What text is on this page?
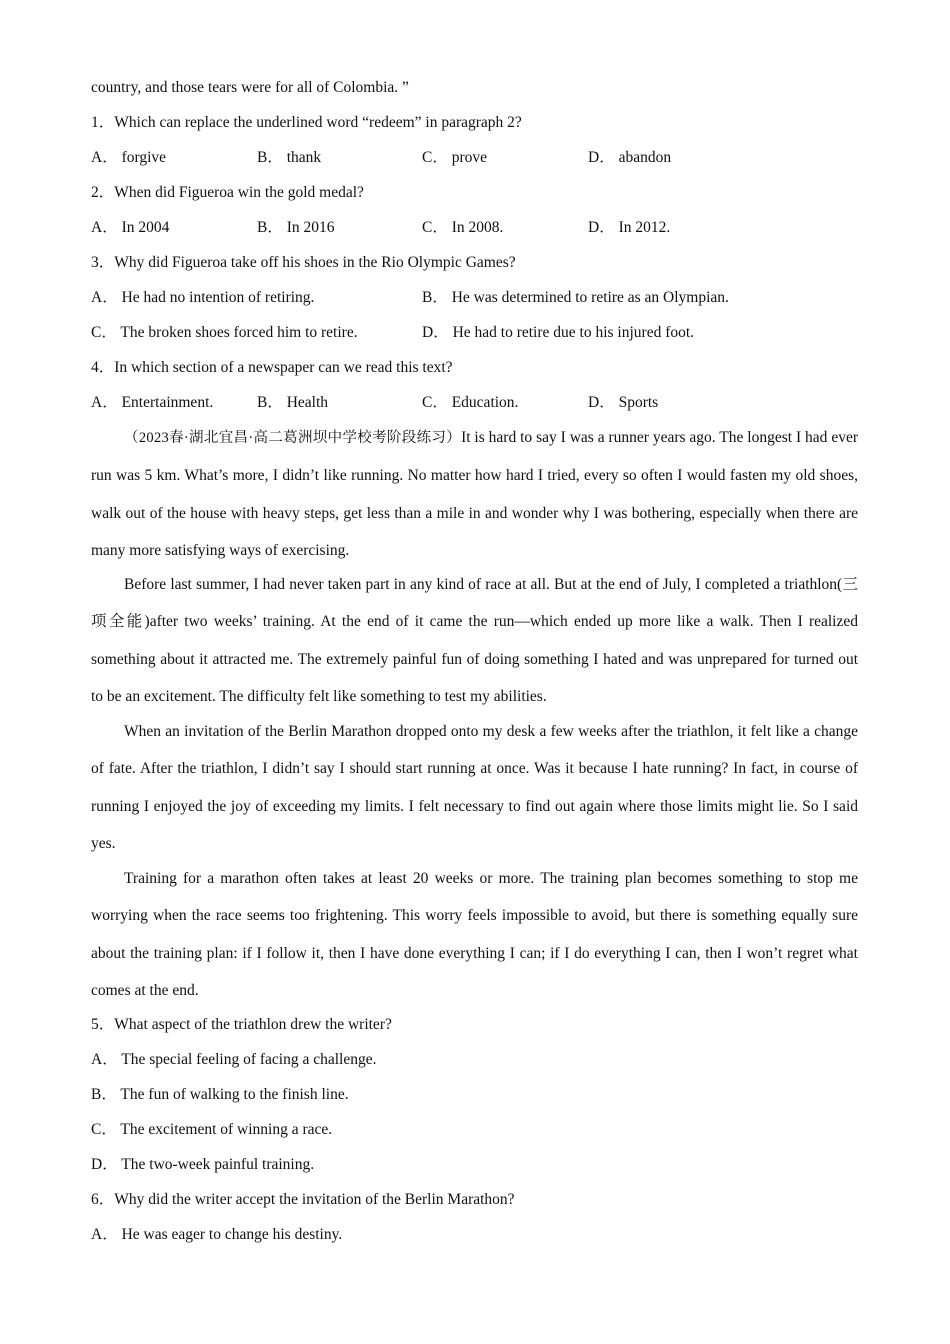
country, and those tears were for all of Colombia. ”
1．Which can replace the underlined word “redeem” in paragraph 2?
A． forgive	B． thank	C． prove	D． abandon
2．When did Figueroa win the gold medal?
A． In 2004	B． In 2016	C． In 2008.	D． In 2012.
3．Why did Figueroa take off his shoes in the Rio Olympic Games?
A． He had no intention of retiring.	B． He was determined to retire as an Olympian.
C． The broken shoes forced him to retire.	D． He had to retire due to his injured foot.
4．In which section of a newspaper can we read this text?
A． Entertainment.	B． Health	C． Education.	D． Sports
（2023春·湖北宜昌·高二葛洲坝中学校考阶段练习）It is hard to say I was a runner years ago. The longest I had ever run was 5 km. What’s more, I didn’t like running. No matter how hard I tried, every so often I would fasten my old shoes, walk out of the house with heavy steps, get less than a mile in and wonder why I was bothering, especially when there are many more satisfying ways of exercising.
Before last summer, I had never taken part in any kind of race at all. But at the end of July, I completed a triathlon(三项全能)after two weeks’ training. At the end of it came the run—which ended up more like a walk. Then I realized something about it attracted me. The extremely painful fun of doing something I hated and was unprepared for turned out to be an excitement. The difficulty felt like something to test my abilities.
When an invitation of the Berlin Marathon dropped onto my desk a few weeks after the triathlon, it felt like a change of fate. After the triathlon, I didn’t say I should start running at once. Was it because I hate running? In fact, in course of running I enjoyed the joy of exceeding my limits. I felt necessary to find out again where those limits might lie. So I said yes.
Training for a marathon often takes at least 20 weeks or more. The training plan becomes something to stop me worrying when the race seems too frightening. This worry feels impossible to avoid, but there is something equally sure about the training plan: if I follow it, then I have done everything I can; if I do everything I can, then I won’t regret what comes at the end.
5．What aspect of the triathlon drew the writer?
A． The special feeling of facing a challenge.
B． The fun of walking to the finish line.
C． The excitement of winning a race.
D． The two-week painful training.
6．Why did the writer accept the invitation of the Berlin Marathon?
A． He was eager to change his destiny.
